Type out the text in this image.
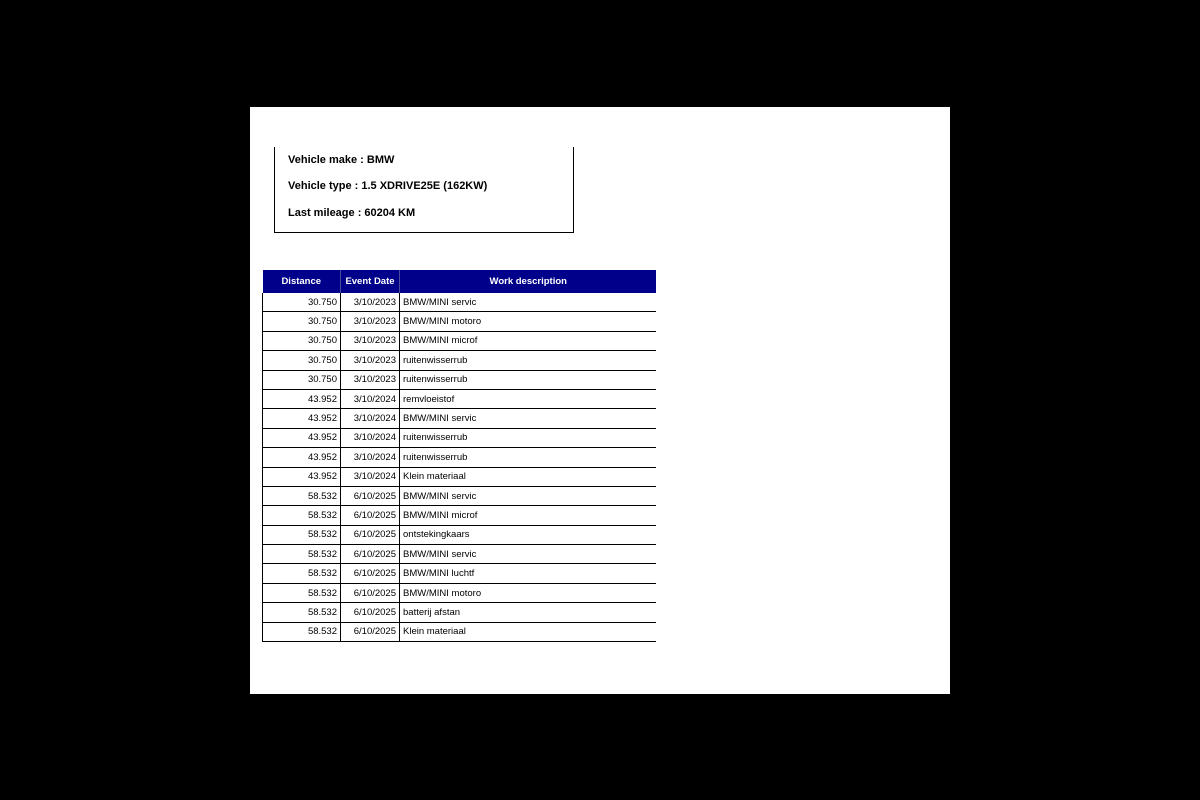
Vehicle make : BMW
Vehicle type : 1.5 XDRIVE25E (162KW)
Last mileage : 60204 KM
Distance	Event Date	Work description
30.750	3/10/2023	BMW/MINI servic
30.750	3/10/2023	BMW/MINI motoro
30.750	3/10/2023	BMW/MINI microf
30.750	3/10/2023	ruitenwisserrub
30.750	3/10/2023	ruitenwisserrub
43.952	3/10/2024	remvloeistof
43.952	3/10/2024	BMW/MINI servic
43.952	3/10/2024	ruitenwisserrub
43.952	3/10/2024	ruitenwisserrub
43.952	3/10/2024	Klein materiaal
58.532	6/10/2025	BMW/MINI servic
58.532	6/10/2025	BMW/MINI microf
58.532	6/10/2025	ontstekingkaars
58.532	6/10/2025	BMW/MINI servic
58.532	6/10/2025	BMW/MINI luchtf
58.532	6/10/2025	BMW/MINI motoro
58.532	6/10/2025	batterij afstan
58.532	6/10/2025	Klein materiaal
